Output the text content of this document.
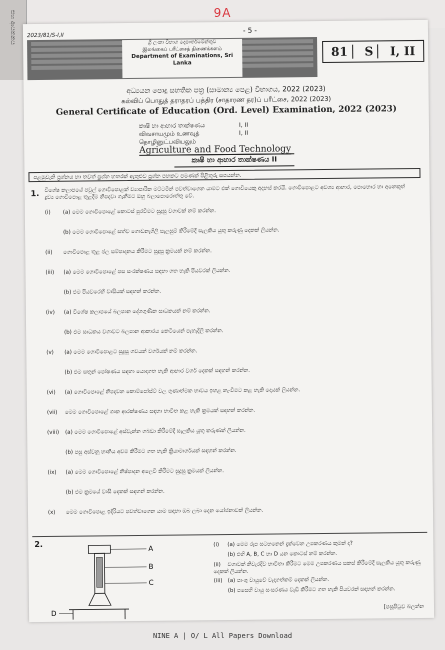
9A
සහ ආයතනය	- 5 -
2023/81/S-I,II
ශ්‍රී ලංකා විභාග දෙපාර්තමේන්තුව
இலங்கைப் பரீட்சைத் திணைக்களம்
Department of Examinations, Sri Lanka
81	S	I, II
අධ්‍යයන පොදු සහතික පත්‍ර (සාමාන්‍ය පෙළ) විභාගය, 2022 (2023)
கல்விப் பொதுத் தராதரப் பத்திர (சாதாரண தர)ப் பரீட்சை, 2022 (2023)
General Certificate of Education (Ord. Level) Examination, 2022 (2023)
කෘෂි හා ආහාර තාක්ෂණය	I, II
விவசாயமும் உணவுத் தொழினுட்பவியலும்
I, II
Agriculture and Food Technology
කෘෂි හා ආහාර තාක්ෂණය II
පළමුවැනි ප්‍රශ්නය හා තවත් ප්‍රශ්න හතරක් ඇතුළුව ප්‍රශ්න පහකට පමණක් පිළිතුරු සපයන්න.
1. විශේෂ කලාපයේ පවුල් ගොවිපොළක් ව්‍යාපාරික මට්ටමින් පවත්වාගෙන යාමට එක් ගොවියෙකු අදහස් කරයි. ගොවිපොළට අවශ්‍ය ආහාර, පොහොර හා අනෙකුත් ද්‍රව්‍ය ගොවිපොළ තුළදීම නිපදවා ගැනීමට ඔහු බලාපොරොත්තු වේ.
(i) (a) මෙම ගොවිපොළේ කොටස් පුරවීමට සුදුසු වගාවක් නම් කරන්න.
(b) මෙම ගොවිපොළේ සත්ව ගොඩනැගිලි සැලසුම් කිරීමේදී සැලකිය යුතු කරුණු දෙකක් ලියන්න.
(ii) ගොවිපොළ තුළ ජල සම්පාදනය කිරීමට සුදුසු ක්‍රමයක් නම් කරන්න.
(iii) (a) මෙම ගොවිපොළේ පස සංරක්ෂණය සඳහා ගත හැකි පියවරක් ලියන්න.
(b) එම පියවරෙහි වාසියක් සඳහන් කරන්න.
(iv) (a) විශේෂ කලාපයේ බලපාන දේශගුණික සාධකයක් නම් කරන්න.
(b) එම සාධකය වගාවට බලපාන ආකාරය කෙටියෙන් පැහැදිලි කරන්න.
(v) (a) මෙම ගොවිපොළට සුදුසු ගවයන් වර්ගයක් නම් කරන්න.
(b) එම සතුන් පෝෂණය සඳහා යොදාගත හැකි ආහාර වර්ග දෙකක් සඳහන් කරන්න.
(vi) (a) ගොවිපොළේ නිපදවන කොම්පෝස්ට් වල ගුණාත්මක භාවය ඉහළ නැංවීමට කළ හැකි දෙයක් ලියන්න.
(vii) මෙම ගොවිපොළේ ශාක ආරක්ෂණය සඳහා භාවිත කළ හැකි ක්‍රමයක් සඳහන් කරන්න.
(viii) (a) මෙම ගොවිපොළේ අස්වැන්න ගබඩා කිරීමේදී සැලකිය යුතු කරුණක් ලියන්න.
(b) පසු අස්වනු හානිය අවම කිරීමට ගත හැකි ක්‍රියාමාර්ගයක් සඳහන් කරන්න.
(ix) (a) මෙම ගොවිපොළේ නිෂ්පාදන අලෙවි කිරීමට සුදුසු ක්‍රමයක් ලියන්න.
(b) එම ක්‍රමයේ වාසි දෙකක් සඳහන් කරන්න.
(x) මෙම ගොවිපොළ ඉදිරියට පවත්වාගෙන යාම සඳහා ඔබ ලබා දෙන යෝජනාවක් ලියන්න.
2.	A
B
C
D
(i) (a) මෙම රූප සටහනෙන් දැක්වෙන උපකරණය කුමක් ද?
(b) එහි A, B, C හා D යන කොටස් නම් කරන්න.
(ii) වගාවක් නිවැරදිව භාවිතා කිරීමට මෙම උපකරණය සකස් කිරීමේදී සැලකිය යුතු කරුණු දෙකක් ලියන්න.
(iii) (a) පාංශු වායුවේ වැදගත්කම් දෙකක් ලියන්න.
(b) පසෙහි වායු සංසරණය වැඩි කිරීමට ගත හැකි පියවරක් සඳහන් කරන්න.
[පසුපිටුව බලන්න
NINE A | O/ L All Papers Download
